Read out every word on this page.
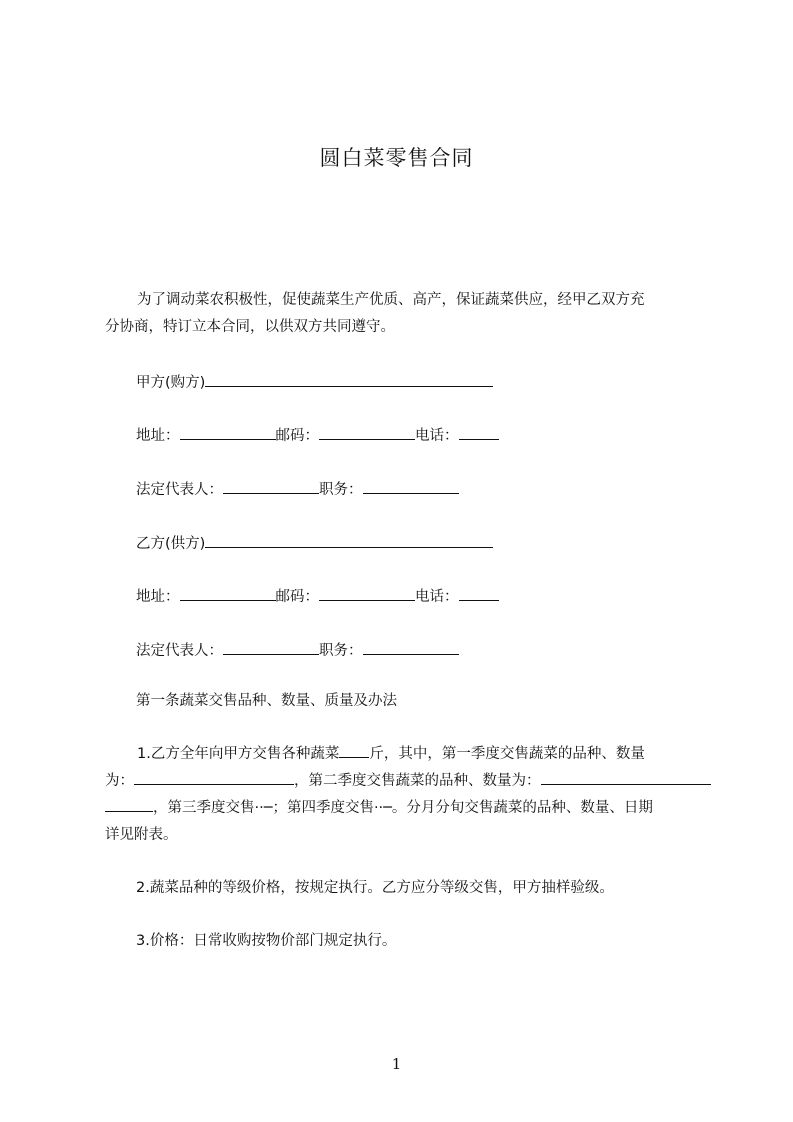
圆白菜零售合同
为了调动菜农积极性，促使蔬菜生产优质、高产，保证蔬菜供应，经甲乙双方充
分协商，特订立本合同，以供双方共同遵守。
甲方(购方)
地址：	邮码：	电话：
法定代表人：	职务：
乙方(供方)
地址：	邮码：	电话：
法定代表人：	职务：
第一条蔬菜交售品种、数量、质量及办法
1.乙方全年向甲方交售各种蔬菜 斤，其中，第一季度交售蔬菜的品种、数量
为：	，第二季度交售蔬菜的品种、数量为：
，第三季度交售··─；第四季度交售··─。分月分旬交售蔬菜的品种、数量、日期
详见附表。
2.蔬菜品种的等级价格，按规定执行。乙方应分等级交售，甲方抽样验级。
3.价格：日常收购按物价部门规定执行。
1
